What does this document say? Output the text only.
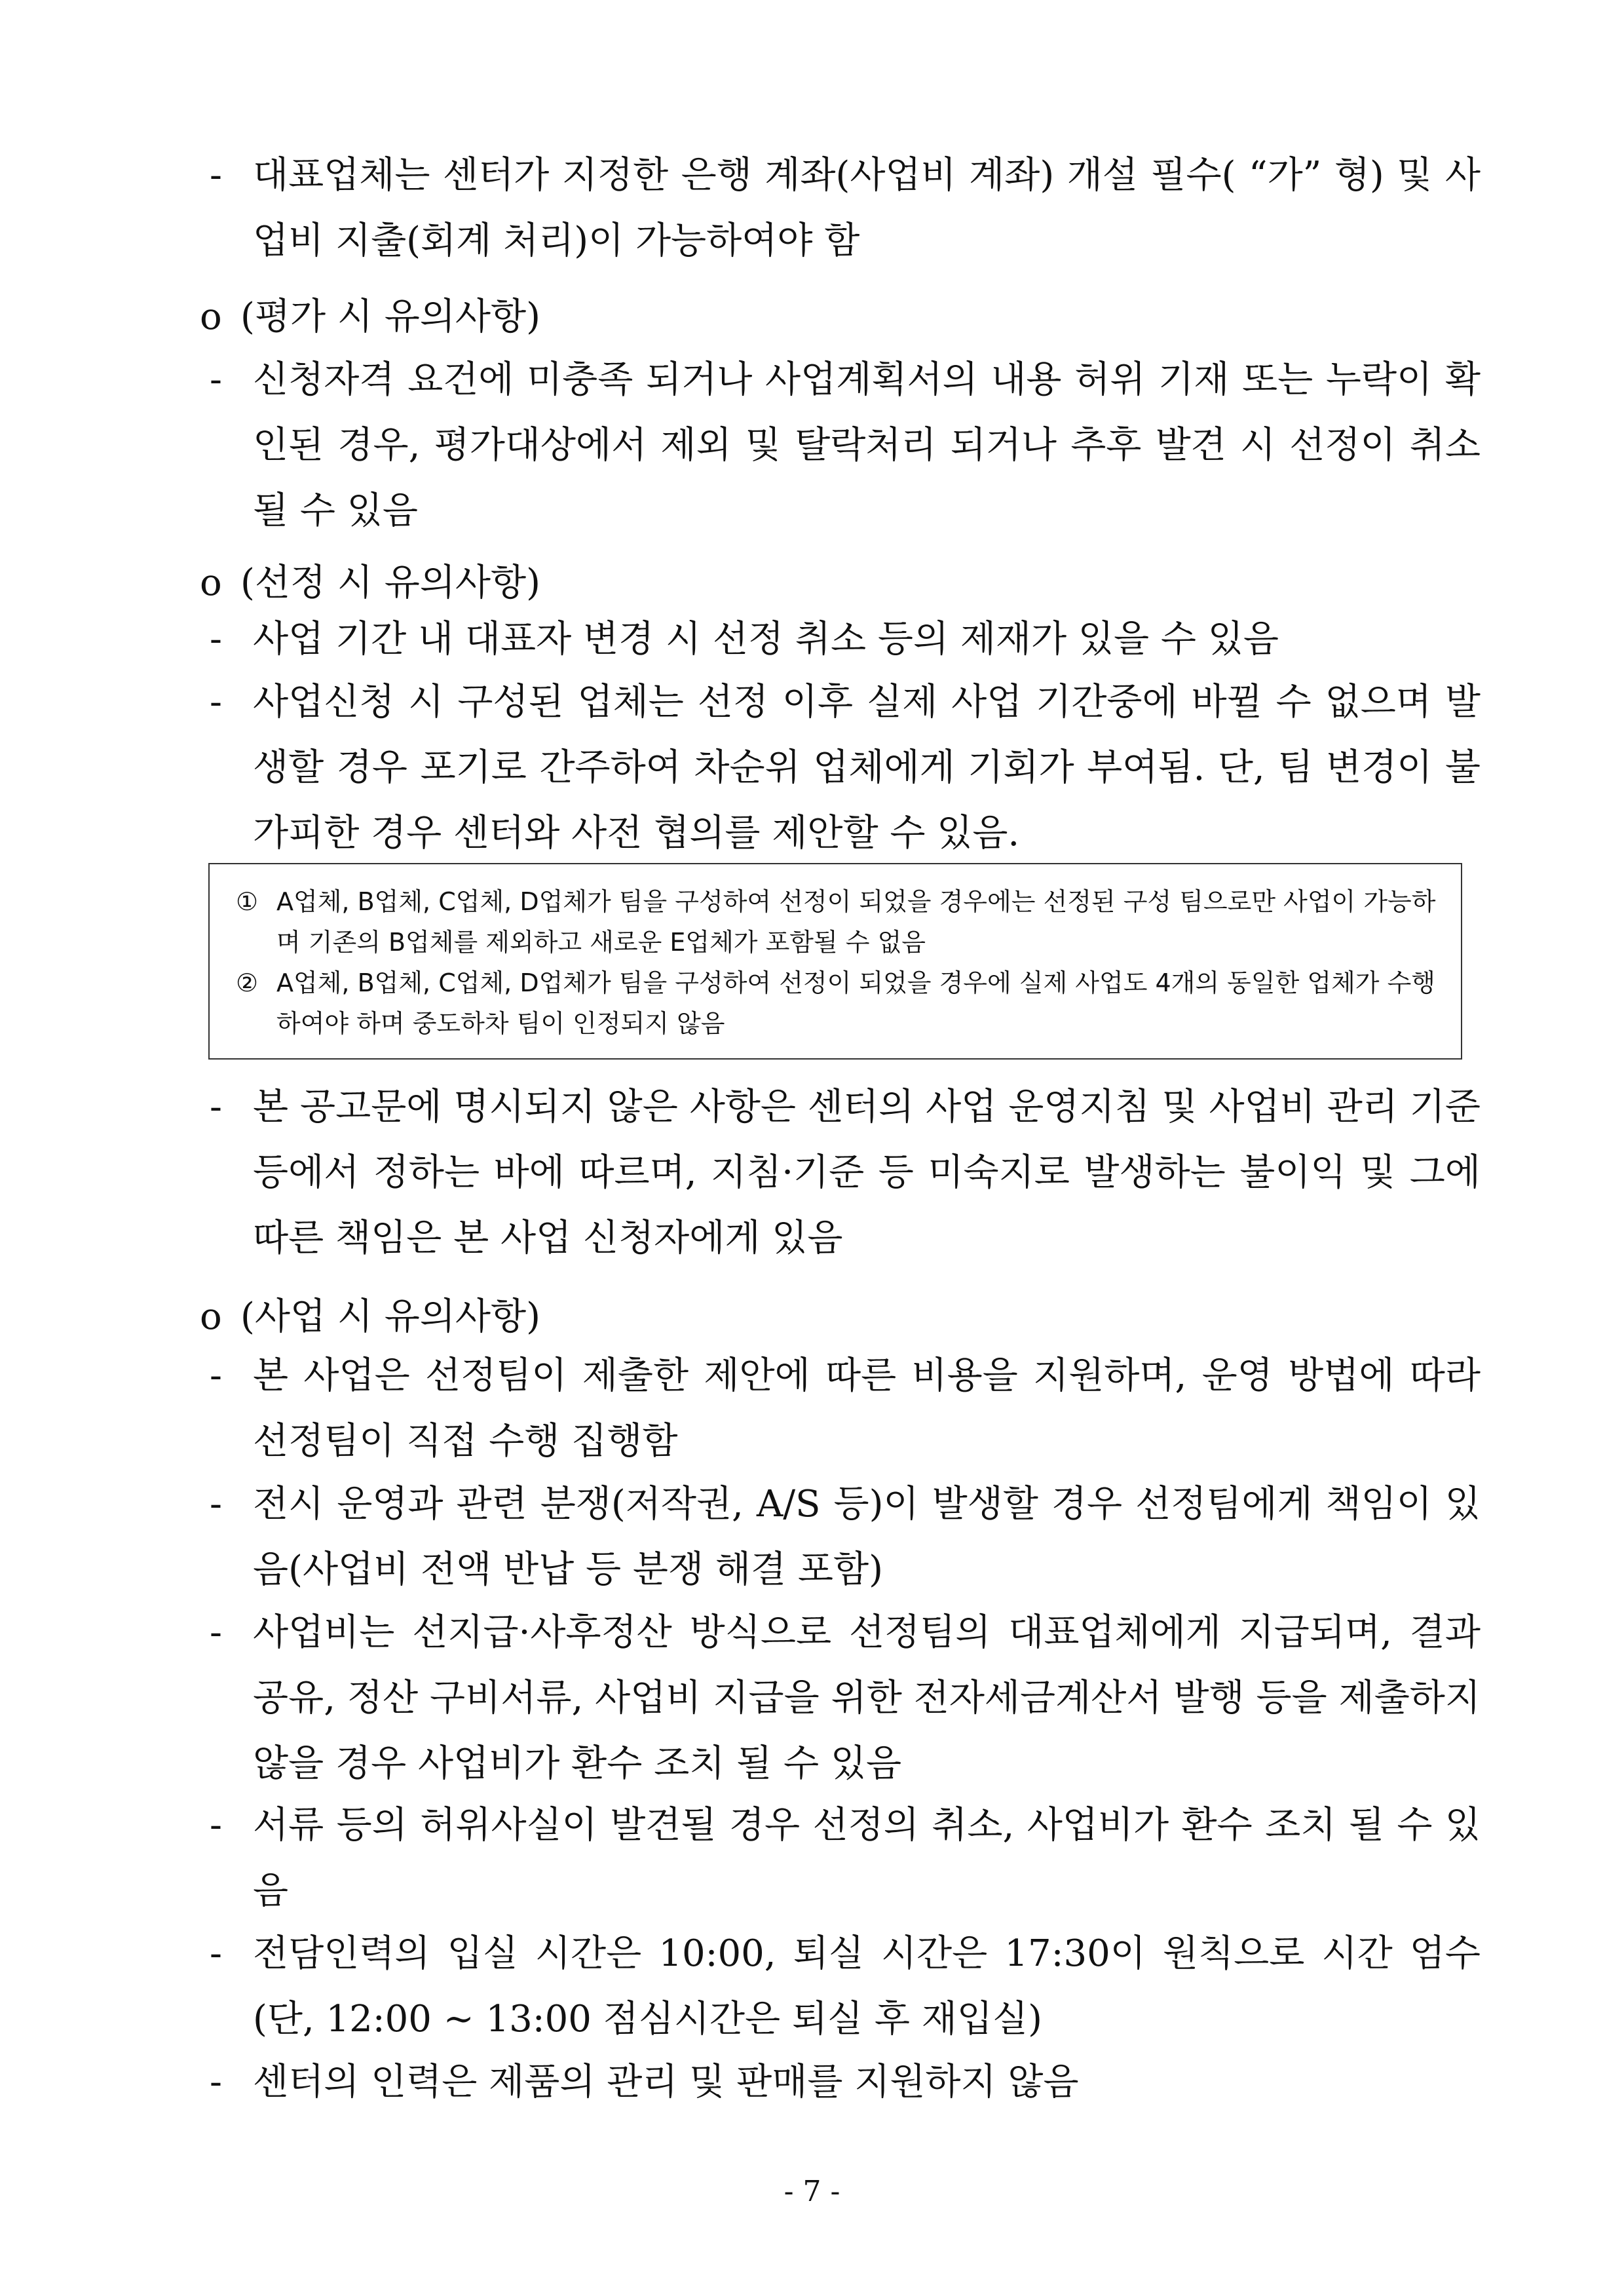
- 대표업체는 센터가 지정한 은행 계좌(사업비 계좌) 개설 필수( “가” 형) 및 사업비 지출(회계 처리)이 가능하여야 함
o (평가 시 유의사항)
- 신청자격 요건에 미충족 되거나 사업계획서의 내용 허위 기재 또는 누락이 확인된 경우, 평가대상에서 제외 및 탈락처리 되거나 추후 발견 시 선정이 취소될 수 있음
o (선정 시 유의사항)
- 사업 기간 내 대표자 변경 시 선정 취소 등의 제재가 있을 수 있음
- 사업신청 시 구성된 업체는 선정 이후 실제 사업 기간중에 바뀔 수 없으며 발생할 경우 포기로 간주하여 차순위 업체에게 기회가 부여됨. 단, 팀 변경이 불가피한 경우 센터와 사전 협의를 제안할 수 있음.
① A업체, B업체, C업체, D업체가 팀을 구성하여 선정이 되었을 경우에는 선정된 구성 팀으로만 사업이 가능하며 기존의 B업체를 제외하고 새로운 E업체가 포함될 수 없음
② A업체, B업체, C업체, D업체가 팀을 구성하여 선정이 되었을 경우에 실제 사업도 4개의 동일한 업체가 수행하여야 하며 중도하차 팀이 인정되지 않음
- 본 공고문에 명시되지 않은 사항은 센터의 사업 운영지침 및 사업비 관리 기준 등에서 정하는 바에 따르며, 지침·기준 등 미숙지로 발생하는 불이익 및 그에 따른 책임은 본 사업 신청자에게 있음
o (사업 시 유의사항)
- 본 사업은 선정팀이 제출한 제안에 따른 비용을 지원하며, 운영 방법에 따라 선정팀이 직접 수행 집행함
- 전시 운영과 관련 분쟁(저작권, A/S 등)이 발생할 경우 선정팀에게 책임이 있음(사업비 전액 반납 등 분쟁 해결 포함)
- 사업비는 선지급·사후정산 방식으로 선정팀의 대표업체에게 지급되며, 결과 공유, 정산 구비서류, 사업비 지급을 위한 전자세금계산서 발행 등을 제출하지 않을 경우 사업비가 환수 조치 될 수 있음
- 서류 등의 허위사실이 발견될 경우 선정의 취소, 사업비가 환수 조치 될 수 있음
- 전담인력의 입실 시간은 10:00, 퇴실 시간은 17:30이 원칙으로 시간 엄수 (단, 12:00 ~ 13:00 점심시간은 퇴실 후 재입실)
- 센터의 인력은 제품의 관리 및 판매를 지원하지 않음
- 7 -
